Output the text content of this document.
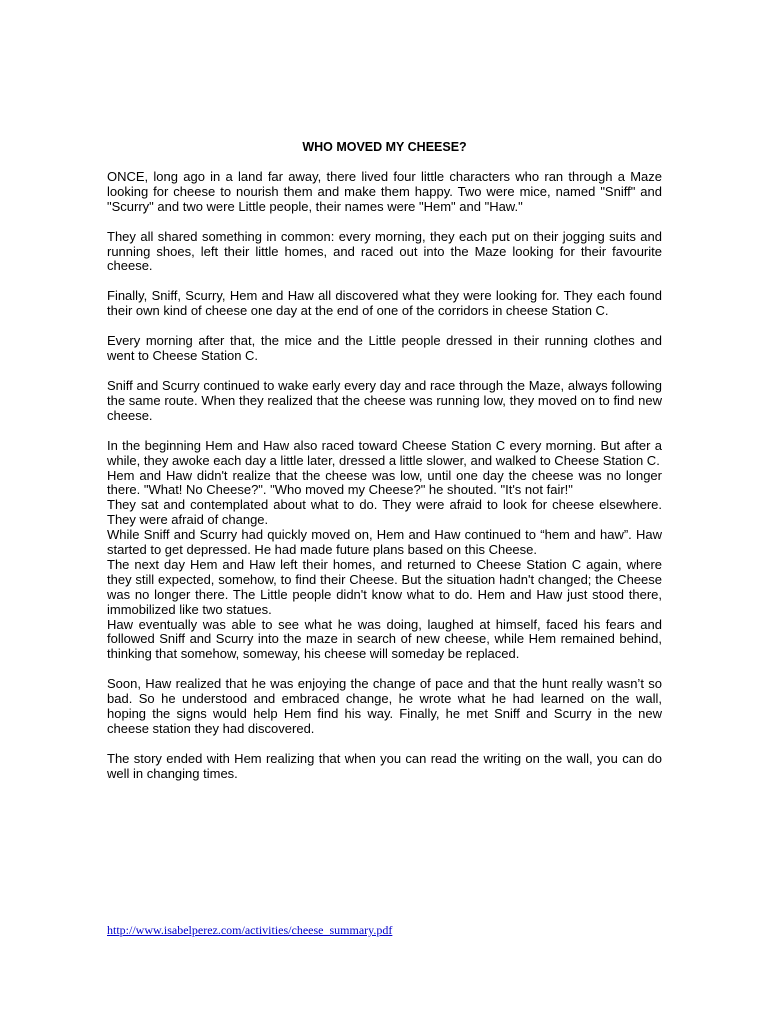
WHO MOVED MY CHEESE?

ONCE, long ago in a land far away, there lived four little characters who ran through a Maze looking for cheese to nourish them and make them happy. Two were mice, named "Sniff" and "Scurry" and two were Little people, their names were "Hem" and "Haw."

They all shared something in common: every morning, they each put on their jogging suits and running shoes, left their little homes, and raced out into the Maze looking for their favourite cheese.

Finally, Sniff, Scurry, Hem and Haw all discovered what they were looking for. They each found their own kind of cheese one day at the end of one of the corridors in cheese Station C.

Every morning after that, the mice and the Little people dressed in their running clothes and went to Cheese Station C.

Sniff and Scurry continued to wake early every day and race through the Maze, always following the same route. When they realized that the cheese was running low, they moved on to find new cheese.

In the beginning Hem and Haw also raced toward Cheese Station C every morning. But after a while, they awoke each day a little later, dressed a little slower, and walked to Cheese Station C.

Hem and Haw didn't realize that the cheese was low, until one day the cheese was no longer there. "What! No Cheese?". "Who moved my Cheese?" he shouted. "It's not fair!"

They sat and contemplated about what to do. They were afraid to look for cheese elsewhere. They were afraid of change.

While Sniff and Scurry had quickly moved on, Hem and Haw continued to “hem and haw”. Haw started to get depressed. He had made future plans based on this Cheese.

The next day Hem and Haw left their homes, and returned to Cheese Station C again, where they still expected, somehow, to find their Cheese. But the situation hadn't changed; the Cheese was no longer there. The Little people didn't know what to do. Hem and Haw just stood there, immobilized like two statues.

Haw eventually was able to see what he was doing, laughed at himself, faced his fears and followed Sniff and Scurry into the maze in search of new cheese, while Hem remained behind, thinking that somehow, someway, his cheese will someday be replaced.

Soon, Haw realized that he was enjoying the change of pace and that the hunt really wasn’t so bad. So he understood and embraced change, he wrote what he had learned on the wall, hoping the signs would help Hem find his way. Finally, he met Sniff and Scurry in the new cheese station they had discovered.

The story ended with Hem realizing that when you can read the writing on the wall, you can do well in changing times.

http://www.isabelperez.com/activities/cheese_summary.pdf
